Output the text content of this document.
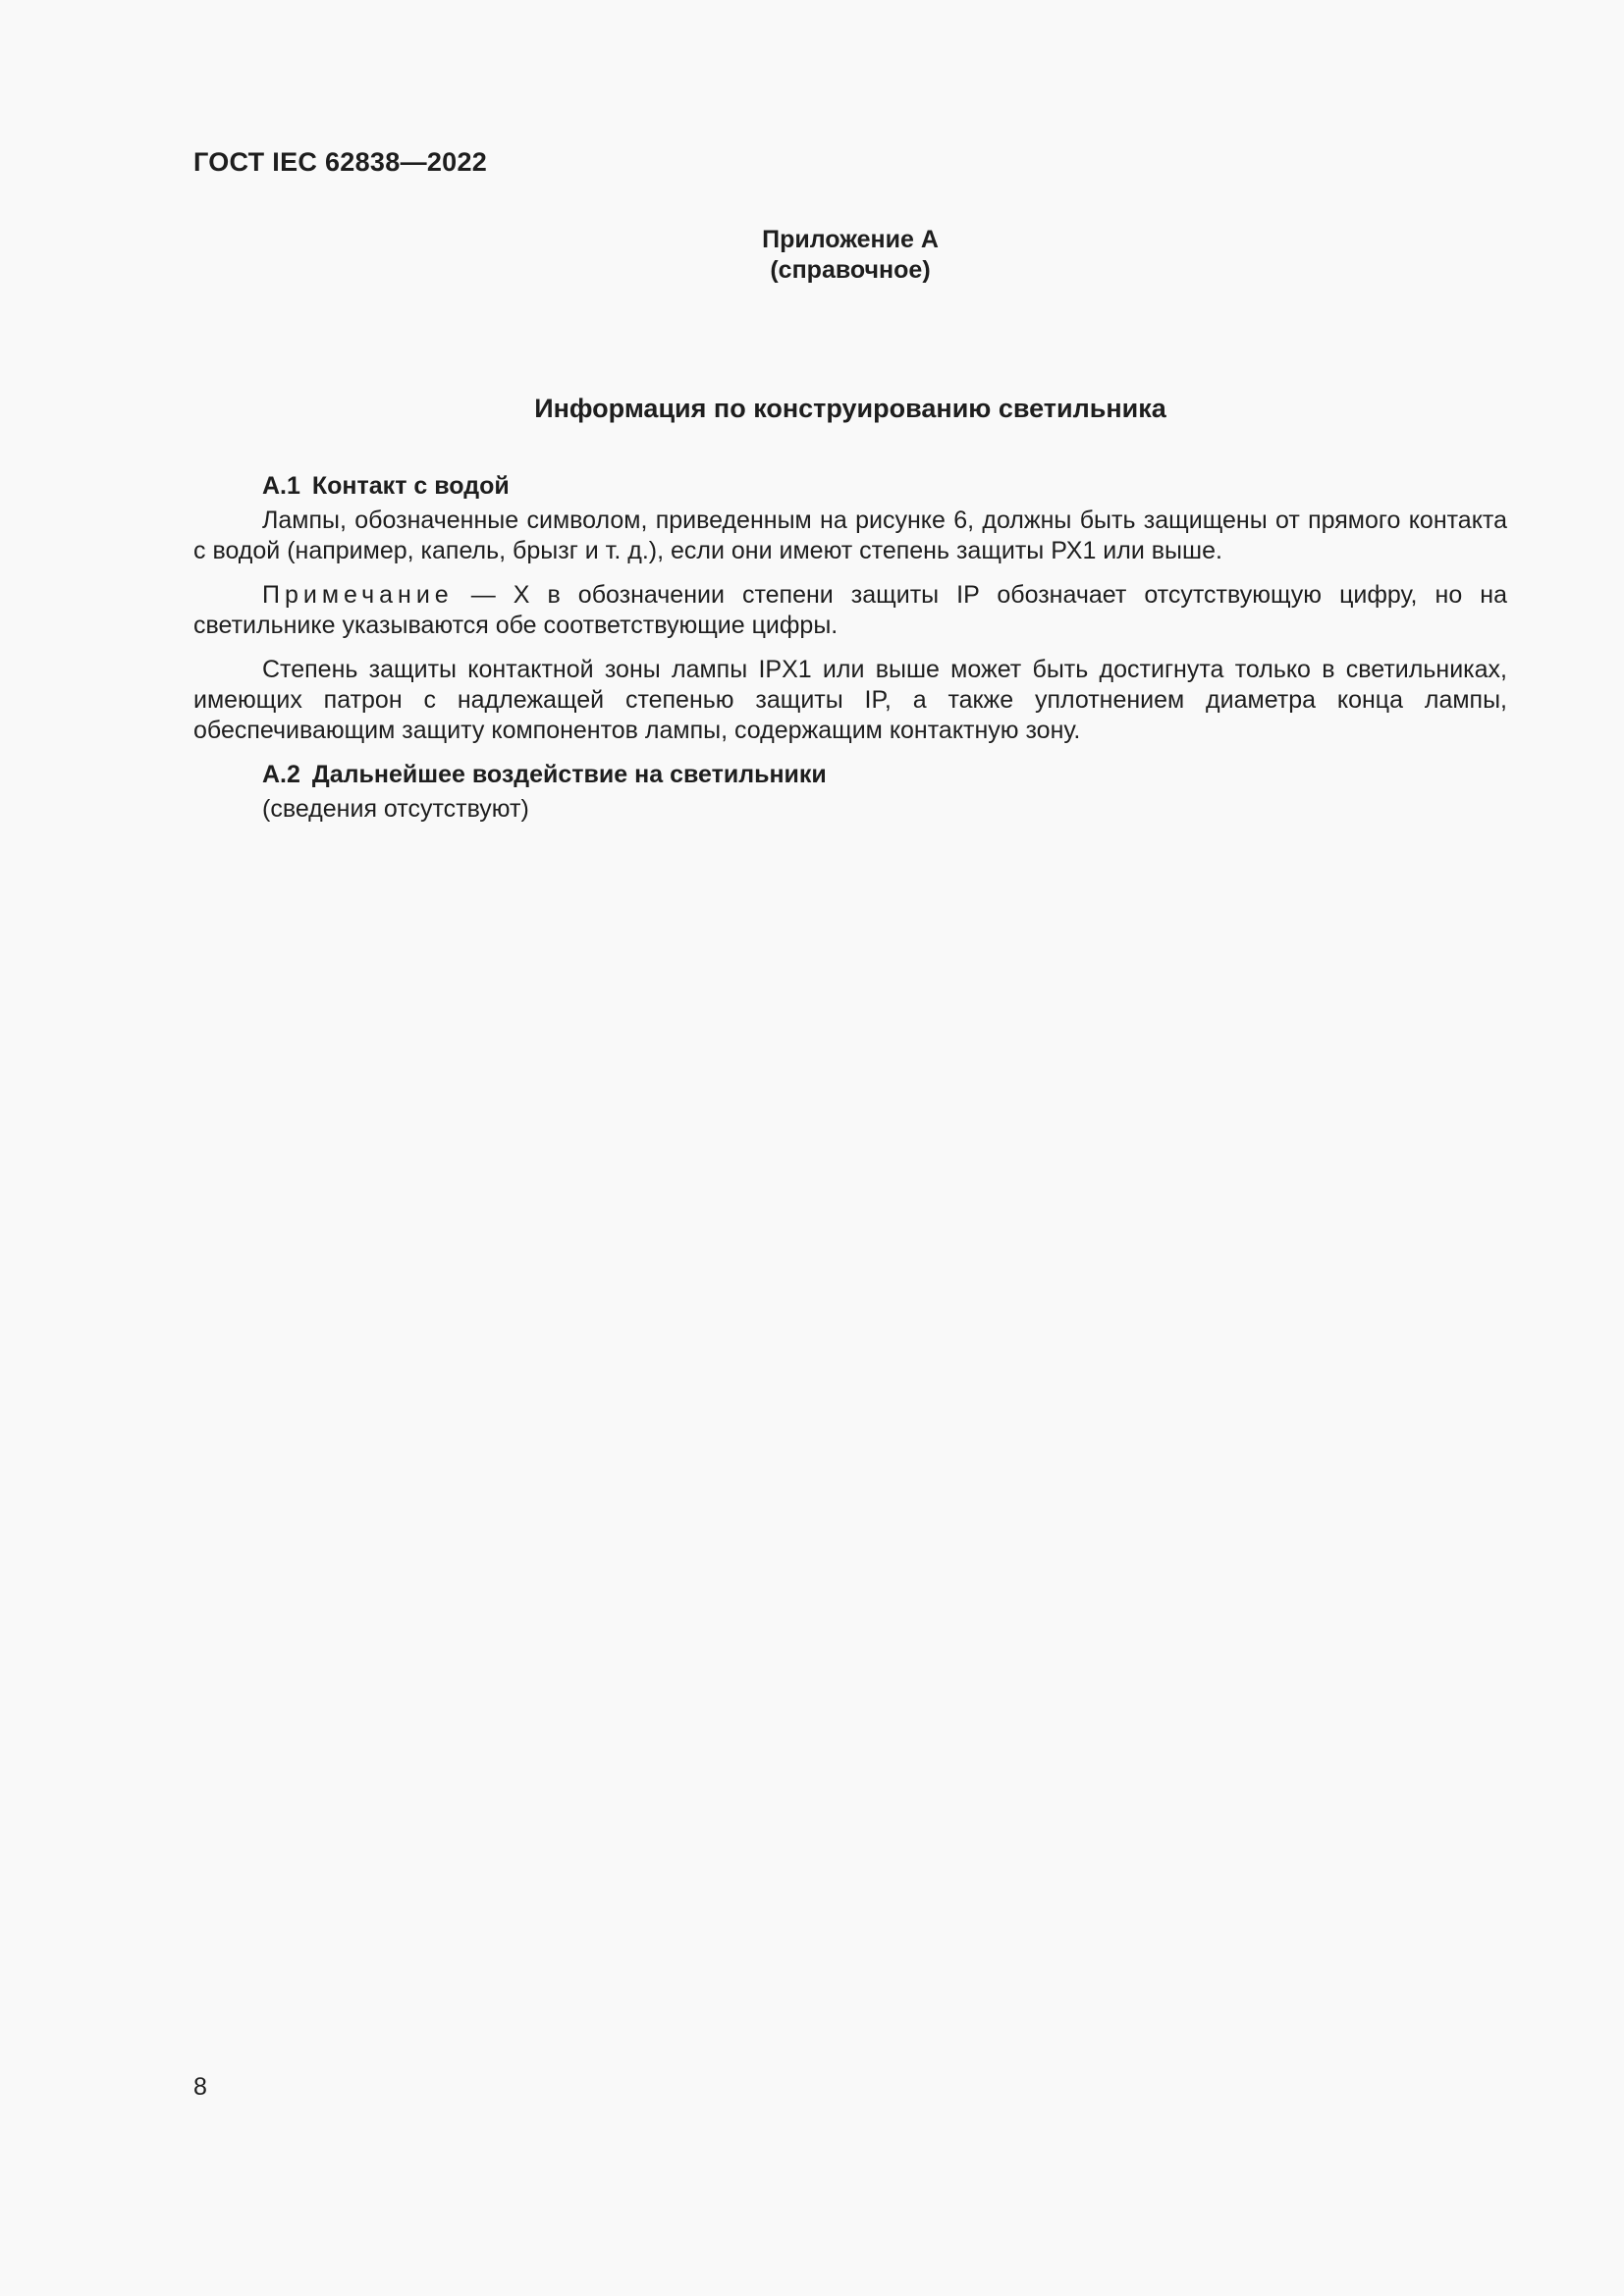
ГОСТ IEC 62838—2022
Приложение А
(справочное)
Информация по конструированию светильника
А.1 Контакт с водой

Лампы, обозначенные символом, приведенным на рисунке 6, должны быть защищены от прямого контакта с водой (например, капель, брызг и т. д.), если они имеют степень защиты РХ1 или выше.

Примечание — Х в обозначении степени защиты IP обозначает отсутствующую цифру, но на светильнике указываются обе соответствующие цифры.

Степень защиты контактной зоны лампы IPX1 или выше может быть достигнута только в светильниках, имеющих патрон с надлежащей степенью защиты IP, а также уплотнением диаметра конца лампы, обеспечивающим защиту компонентов лампы, содержащим контактную зону.

А.2 Дальнейшее воздействие на светильники

(сведения отсутствуют)

8
